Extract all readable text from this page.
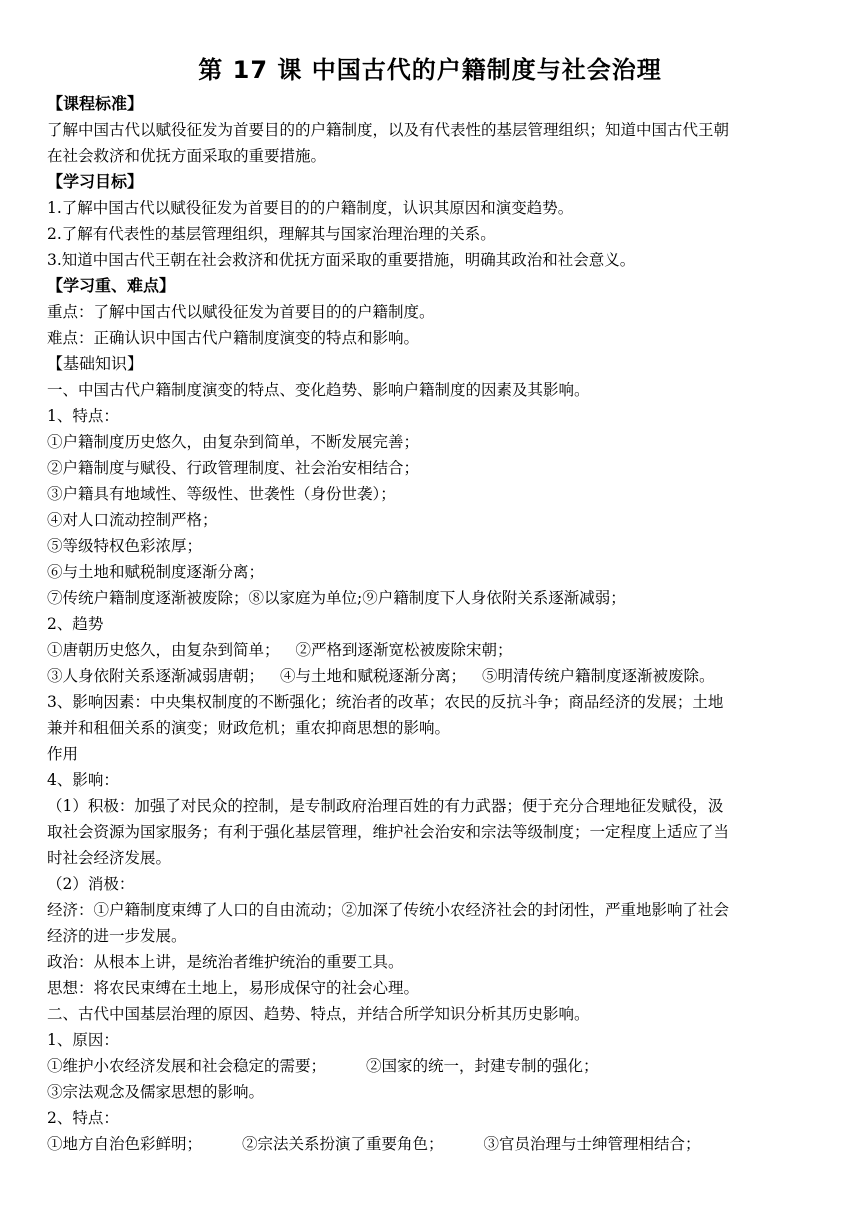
第 17 课 中国古代的户籍制度与社会治理
【课程标准】
了解中国古代以赋役征发为首要目的的户籍制度，以及有代表性的基层管理组织；知道中国古代王朝
在社会救济和优抚方面采取的重要措施。
【学习目标】
1.了解中国古代以赋役征发为首要目的的户籍制度，认识其原因和演变趋势。
2.了解有代表性的基层管理组织，理解其与国家治理治理的关系。
3.知道中国古代王朝在社会救济和优抚方面采取的重要措施，明确其政治和社会意义。
【学习重、难点】
重点：了解中国古代以赋役征发为首要目的的户籍制度。
难点：正确认识中国古代户籍制度演变的特点和影响。
【基础知识】
一、中国古代户籍制度演变的特点、变化趋势、影响户籍制度的因素及其影响。
1、特点：
①户籍制度历史悠久，由复杂到简单，不断发展完善；
②户籍制度与赋役、行政管理制度、社会治安相结合；
③户籍具有地域性、等级性、世袭性（身份世袭）；
④对人口流动控制严格；
⑤等级特权色彩浓厚；
⑥与土地和赋税制度逐渐分离；
⑦传统户籍制度逐渐被废除；⑧以家庭为单位;⑨户籍制度下人身依附关系逐渐减弱；
2、趋势
①唐朝历史悠久，由复杂到简单； ②严格到逐渐宽松被废除宋朝；
③人身依附关系逐渐减弱唐朝； ④与土地和赋税逐渐分离； ⑤明清传统户籍制度逐渐被废除。
3、影响因素：中央集权制度的不断强化；统治者的改革；农民的反抗斗争；商品经济的发展；土地
兼并和租佃关系的演变；财政危机；重农抑商思想的影响。
作用
4、影响：
（1）积极：加强了对民众的控制，是专制政府治理百姓的有力武器；便于充分合理地征发赋役，汲
取社会资源为国家服务；有利于强化基层管理，维护社会治安和宗法等级制度；一定程度上适应了当
时社会经济发展。
（2）消极：
经济：①户籍制度束缚了人口的自由流动；②加深了传统小农经济社会的封闭性，严重地影响了社会
经济的进一步发展。
政治：从根本上讲，是统治者维护统治的重要工具。
思想：将农民束缚在土地上，易形成保守的社会心理。
二、古代中国基层治理的原因、趋势、特点，并结合所学知识分析其历史影响。
1、原因：
①维护小农经济发展和社会稳定的需要；	②国家的统一，封建专制的强化；
③宗法观念及儒家思想的影响。
2、特点：
①地方自治色彩鲜明；	②宗法关系扮演了重要角色；	③官员治理与士绅管理相结合；
